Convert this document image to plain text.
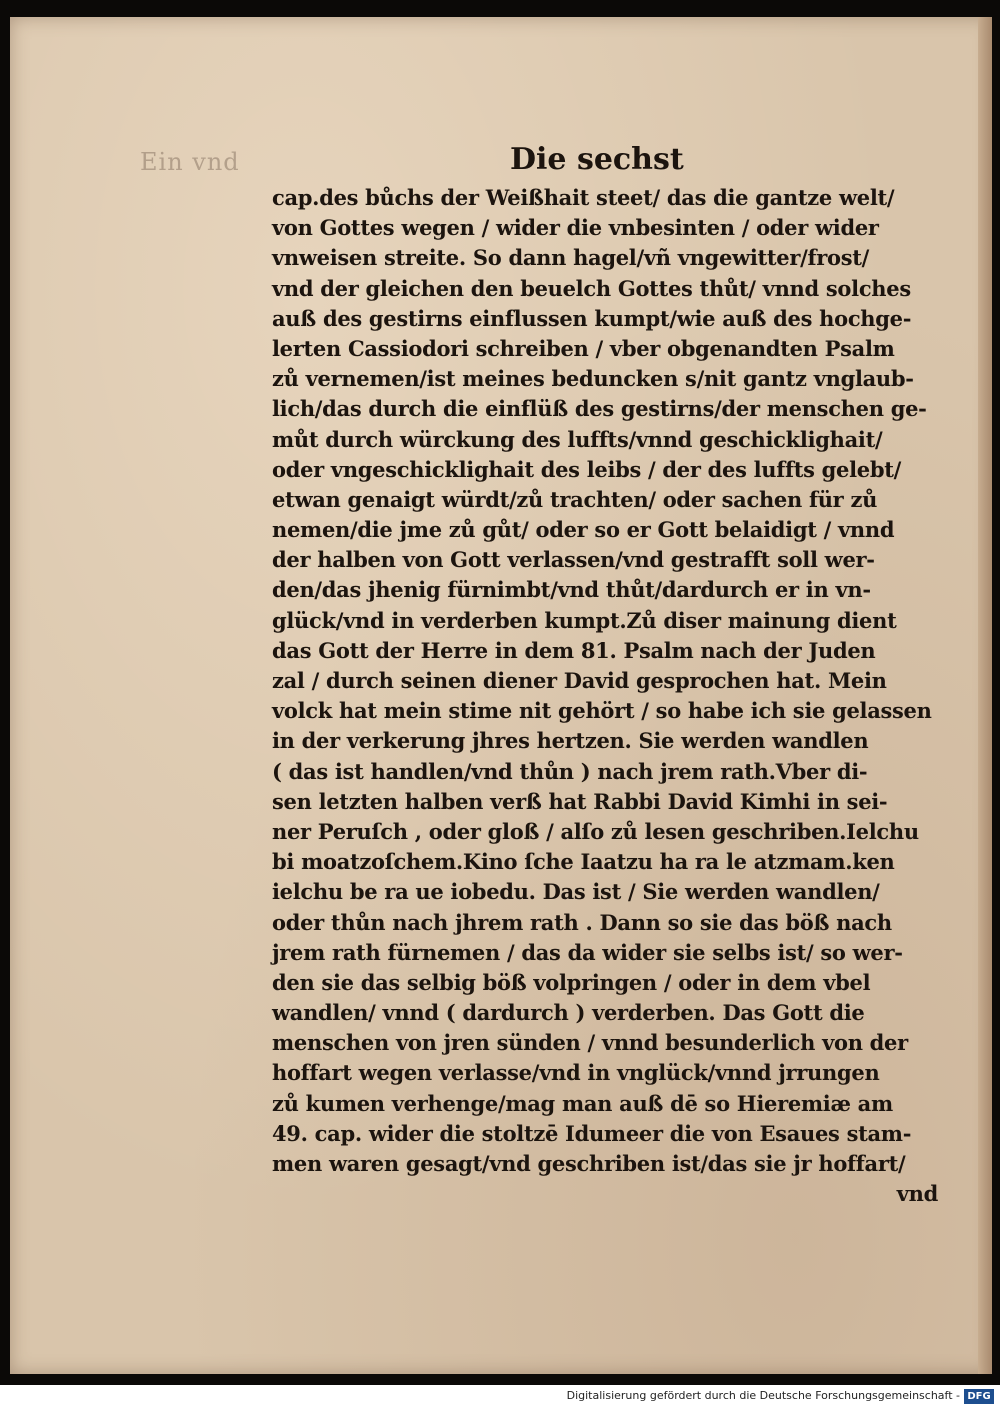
Ein vnd	Die sechst
cap.des bůchs der Weißhait steet/ das die gantze welt/
von Gottes wegen / wider die vnbesinten / oder wider
vnweisen streite. So dann hagel/vñ vngewitter/frost/
vnd der gleichen den beuelch Gottes thůt/ vnnd solches
auß des gestirns einflussen kumpt/wie auß des hochge-
lerten Cassiodori schreiben / vber obgenandten Psalm
zů vernemen/ist meines beduncken s/nit gantz vnglaub-
lich/das durch die einflüß des gestirns/der menschen ge-
můt durch würckung des luffts/vnnd geschicklighait/
oder vngeschicklighait des leibs / der des luffts gelebt/
etwan genaigt würdt/zů trachten/ oder sachen für zů
nemen/die jme zů gůt/ oder so er Gott belaidigt / vnnd
der halben von Gott verlassen/vnd gestrafft soll wer-
den/das jhenig fürnimbt/vnd thůt/dardurch er in vn-
glück/vnd in verderben kumpt.Zů diser mainung dient
das Gott der Herre in dem 81. Psalm nach der Juden
zal / durch seinen diener David gesprochen hat. Mein
volck hat mein stime nit gehört / so habe ich sie gelassen
in der verkerung jhres hertzen. Sie werden wandlen
( das ist handlen/vnd thůn ) nach jrem rath.Vber di-
sen letzten halben verß hat Rabbi David Kimhi in sei-
ner Peruſch , oder gloß / alſo zů lesen geschriben.Ielchu
bi moatzoſchem.Kino ſche Iaatzu ha ra le atzmam.ken
ielchu be ra ue iobedu. Das ist / Sie werden wandlen/
oder thůn nach jhrem rath . Dann so sie das böß nach
jrem rath fürnemen / das da wider sie selbs ist/ so wer-
den sie das selbig böß volpringen / oder in dem vbel
wandlen/ vnnd ( dardurch ) verderben. Das Gott die
menschen von jren sünden / vnnd besunderlich von der
hoffart wegen verlasse/vnd in vnglück/vnnd jrrungen
zů kumen verhenge/mag man auß dē so Hieremiæ am
49. cap. wider die stoltzē Idumeer die von Esaues stam-
men waren gesagt/vnd geschriben ist/das sie jr hoffart/
vnd
Digitalisierung gefördert durch die Deutsche Forschungsgemeinschaft - DFG
